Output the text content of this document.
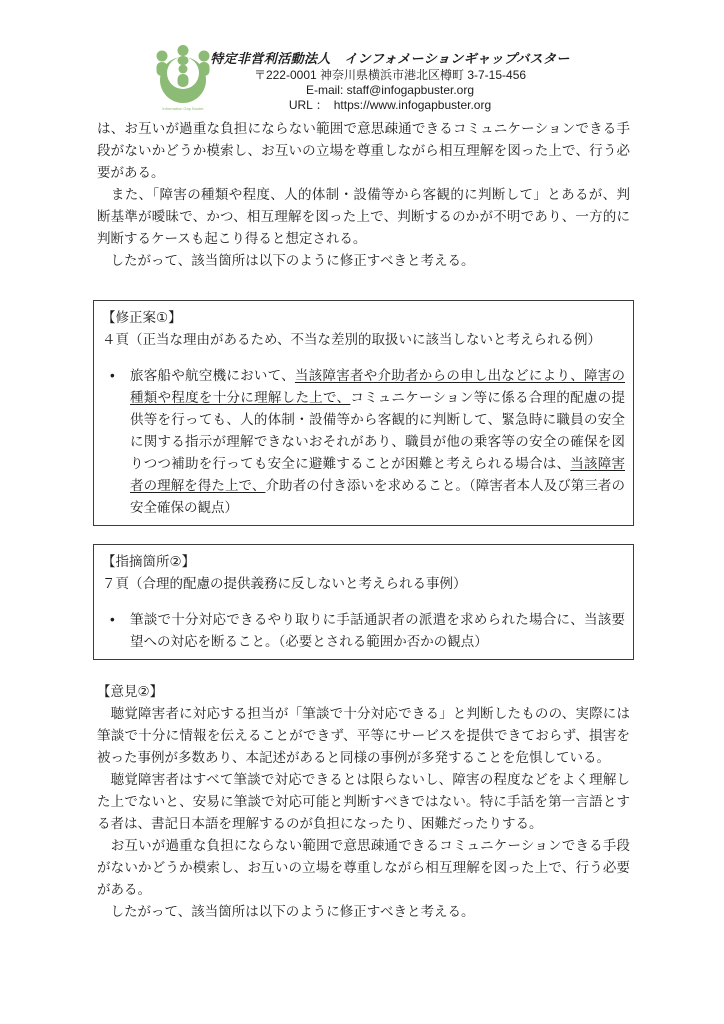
Information Gap Buster
特定非営利活動法人　インフォメーションギャップバスター
〒222-0001 神奈川県横浜市港北区樽町 3-7-15-456
E-mail: staff@infogapbuster.org
URL ：　https://www.infogapbuster.org

は、お互いが過重な負担にならない範囲で意思疎通できるコミュニケーションできる手段がないかどうか模索し、お互いの立場を尊重しながら相互理解を図った上で、行う必要がある。

　また、「障害の種類や程度、人的体制・設備等から客観的に判断して」とあるが、判断基準が曖昧で、かつ、相互理解を図った上で、判断するのかが不明であり、一方的に判断するケースも起こり得ると想定される。

　したがって、該当箇所は以下のように修正すべきと考える。

【修正案①】

４頁（正当な理由があるため、不当な差別的取扱いに該当しないと考えられる例）

• 旅客船や航空機において、当該障害者や介助者からの申し出などにより、障害の種類や程度を十分に理解した上で、コミュニケーション等に係る合理的配慮の提供等を行っても、人的体制・設備等から客観的に判断して、緊急時に職員の安全に関する指示が理解できないおそれがあり、職員が他の乗客等の安全の確保を図りつつ補助を行っても安全に避難することが困難と考えられる場合は、当該障害者の理解を得た上で、介助者の付き添いを求めること。（障害者本人及び第三者の安全確保の観点）

【指摘箇所②】

７頁（合理的配慮の提供義務に反しないと考えられる事例）

• 筆談で十分対応できるやり取りに手話通訳者の派遣を求められた場合に、当該要望への対応を断ること。（必要とされる範囲か否かの観点）

【意見②】

　聴覚障害者に対応する担当が「筆談で十分対応できる」と判断したものの、実際には筆談で十分に情報を伝えることができず、平等にサービスを提供できておらず、損害を被った事例が多数あり、本記述があると同様の事例が多発することを危惧している。

　聴覚障害者はすべて筆談で対応できるとは限らないし、障害の程度などをよく理解した上でないと、安易に筆談で対応可能と判断すべきではない。特に手話を第一言語とする者は、書記日本語を理解するのが負担になったり、困難だったりする。

　お互いが過重な負担にならない範囲で意思疎通できるコミュニケーションできる手段がないかどうか模索し、お互いの立場を尊重しながら相互理解を図った上で、行う必要がある。

　したがって、該当箇所は以下のように修正すべきと考える。
